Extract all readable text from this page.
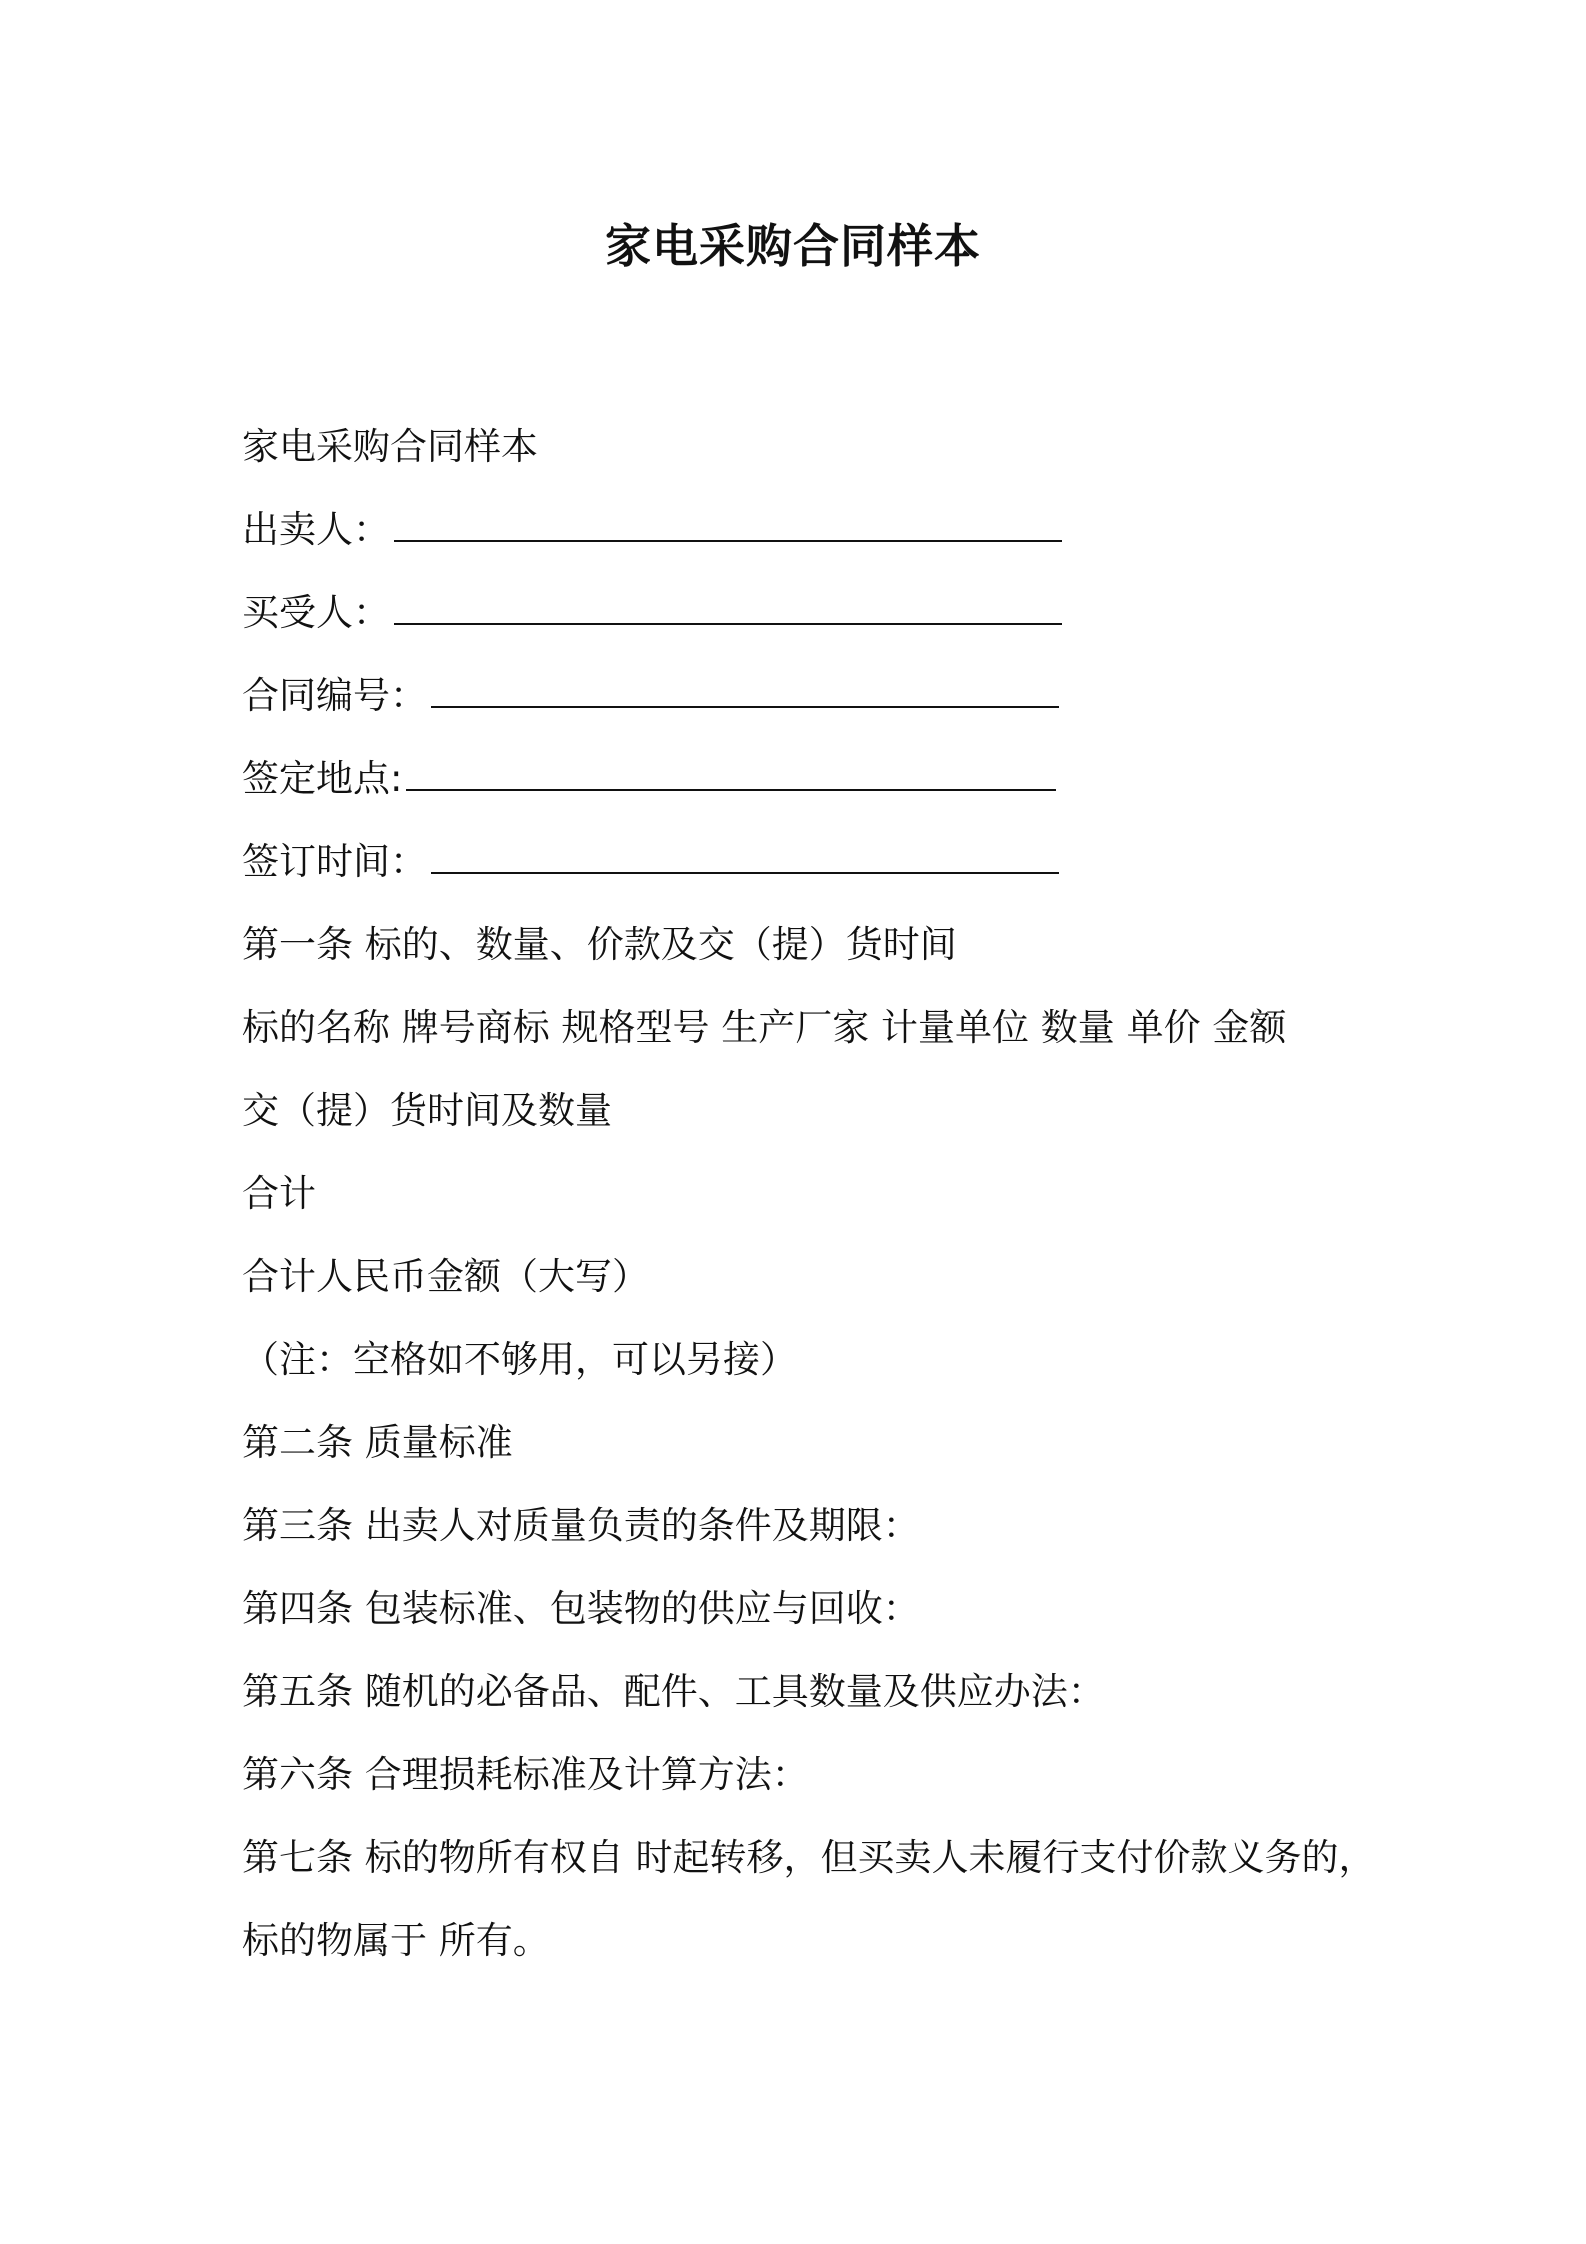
家电采购合同样本
家电采购合同样本
出卖人：
买受人：
合同编号：
签定地点:
签订时间：
第一条 标的、数量、价款及交（提）货时间
标的名称 牌号商标 规格型号 生产厂家 计量单位 数量 单价 金额
交（提）货时间及数量
合计
合计人民币金额（大写）
（注：空格如不够用，可以另接）
第二条 质量标准
第三条 出卖人对质量负责的条件及期限：
第四条 包装标准、包装物的供应与回收：
第五条 随机的必备品、配件、工具数量及供应办法：
第六条 合理损耗标准及计算方法：
第七条 标的物所有权自 时起转移，但买卖人未履行支付价款义务的，
标的物属于 所有。
